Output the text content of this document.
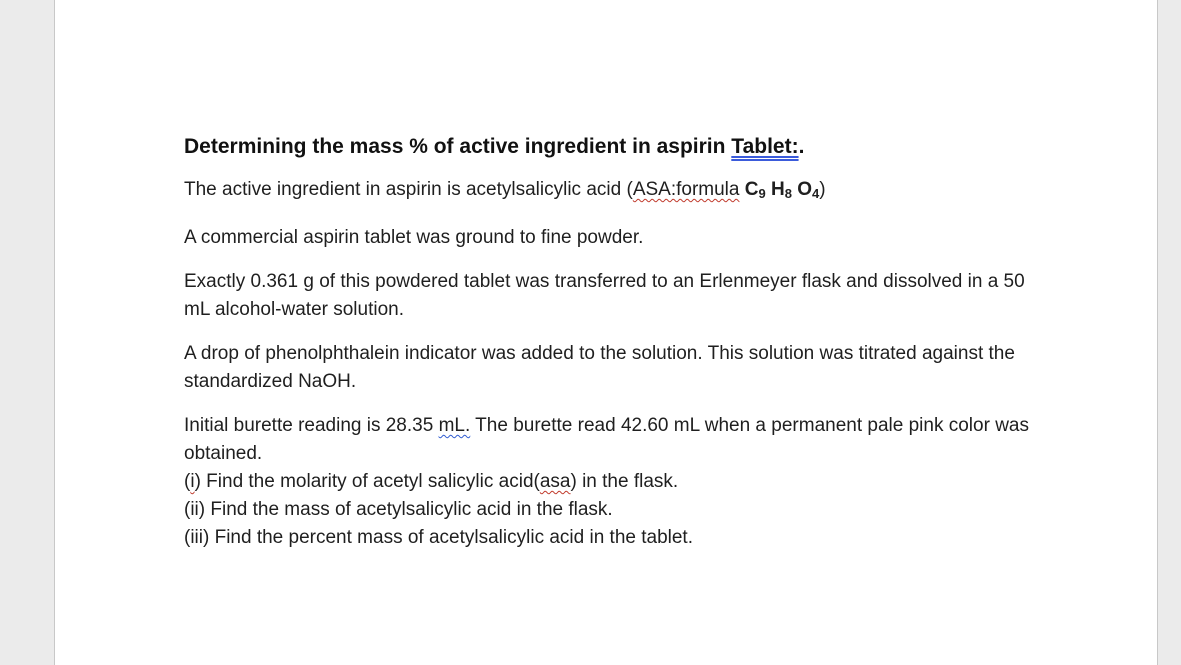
Determining the mass % of active ingredient in aspirin Tablet:.

The active ingredient in aspirin is acetylsalicylic acid (ASA:formula $C_9$ $H_8$ $O_4$)

A commercial aspirin tablet was ground to fine powder.

Exactly 0.361 g of this powdered tablet was transferred to an Erlenmeyer flask and dissolved in a 50 mL alcohol-water solution.

A drop of phenolphthalein indicator was added to the solution. This solution was titrated against the standardized NaOH.

Initial burette reading is 28.35 mL. The burette read 42.60 mL when a permanent pale pink color was obtained.

(i) Find the molarity of acetyl salicylic acid(asa) in the flask.
(ii) Find the mass of acetylsalicylic acid in the flask.
(iii) Find the percent mass of acetylsalicylic acid in the tablet.
